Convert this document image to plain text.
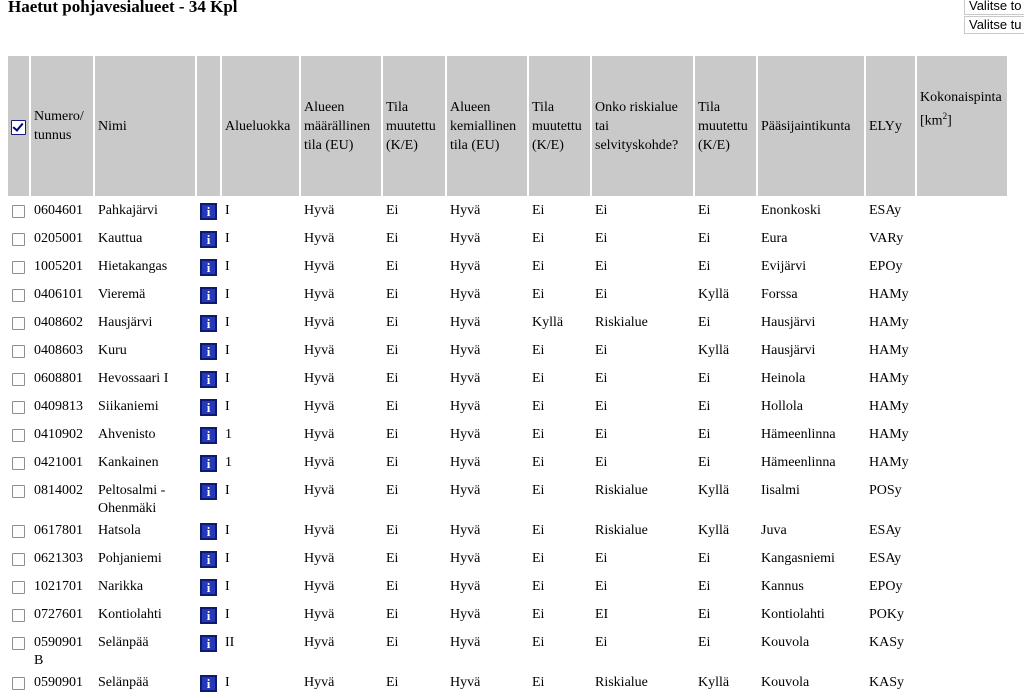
Haetut pohjavesialueet - 34 Kpl	Valitse to
Valitse tu
	Numero/
tunnus	Nimi		Alueluokka	Alueen
määrällinen
tila (EU)	Tila
muutettu
(K/E)	Alueen
kemiallinen
tila (EU)	Tila
muutettu
(K/E)	Onko riskialue
tai
selvityskohde?	Tila
muutettu
(K/E)	Pääsijaintikunta	ELYy	Kokonaispinta
$[km^2]$
	0604601	Pahkajärvi	i	I	Hyvä	Ei	Hyvä	Ei	Ei	Ei	Enonkoski	ESAy	
	0205001	Kauttua	i	I	Hyvä	Ei	Hyvä	Ei	Ei	Ei	Eura	VARy	
	1005201	Hietakangas	i	I	Hyvä	Ei	Hyvä	Ei	Ei	Ei	Evijärvi	EPOy	
	0406101	Vieremä	i	I	Hyvä	Ei	Hyvä	Ei	Ei	Kyllä	Forssa	HAMy	
	0408602	Hausjärvi	i	I	Hyvä	Ei	Hyvä	Kyllä	Riskialue	Ei	Hausjärvi	HAMy	
	0408603	Kuru	i	I	Hyvä	Ei	Hyvä	Ei	Ei	Kyllä	Hausjärvi	HAMy	
	0608801	Hevossaari I	i	I	Hyvä	Ei	Hyvä	Ei	Ei	Ei	Heinola	HAMy	
	0409813	Siikaniemi	i	I	Hyvä	Ei	Hyvä	Ei	Ei	Ei	Hollola	HAMy	
	0410902	Ahvenisto	i	1	Hyvä	Ei	Hyvä	Ei	Ei	Ei	Hämeenlinna	HAMy	
	0421001	Kankainen	i	1	Hyvä	Ei	Hyvä	Ei	Ei	Ei	Hämeenlinna	HAMy	
	0814002	Peltosalmi - Ohenmäki	i	I	Hyvä	Ei	Hyvä	Ei	Riskialue	Kyllä	Iisalmi	POSy	
	0617801	Hatsola	i	I	Hyvä	Ei	Hyvä	Ei	Riskialue	Kyllä	Juva	ESAy	
	0621303	Pohjaniemi	i	I	Hyvä	Ei	Hyvä	Ei	Ei	Ei	Kangasniemi	ESAy	
	1021701	Narikka	i	I	Hyvä	Ei	Hyvä	Ei	Ei	Ei	Kannus	EPOy	
	0727601	Kontiolahti	i	I	Hyvä	Ei	Hyvä	Ei	EI	Ei	Kontiolahti	POKy	
	0590901 B	Selänpää	i	II	Hyvä	Ei	Hyvä	Ei	Ei	Ei	Kouvola	KASy	
	0590901	Selänpää	i	I	Hyvä	Ei	Hyvä	Ei	Riskialue	Kyllä	Kouvola	KASy	
